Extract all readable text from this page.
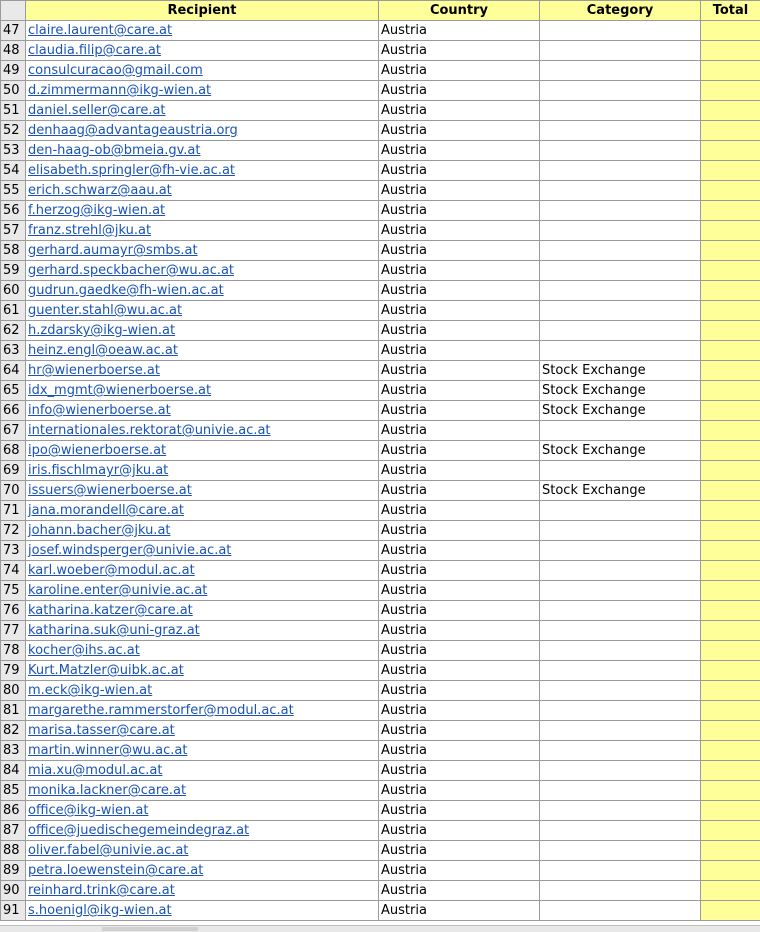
	Recipient	Country	Category	Total
47	claire.laurent@care.at	Austria		
48	claudia.filip@care.at	Austria		
49	consulcuracao@gmail.com	Austria		
50	d.zimmermann@ikg-wien.at	Austria		
51	daniel.seller@care.at	Austria		
52	denhaag@advantageaustria.org	Austria		
53	den-haag-ob@bmeia.gv.at	Austria		
54	elisabeth.springler@fh-vie.ac.at	Austria		
55	erich.schwarz@aau.at	Austria		
56	f.herzog@ikg-wien.at	Austria		
57	franz.strehl@jku.at	Austria		
58	gerhard.aumayr@smbs.at	Austria		
59	gerhard.speckbacher@wu.ac.at	Austria		
60	gudrun.gaedke@fh-wien.ac.at	Austria		
61	guenter.stahl@wu.ac.at	Austria		
62	h.zdarsky@ikg-wien.at	Austria		
63	heinz.engl@oeaw.ac.at	Austria		
64	hr@wienerboerse.at	Austria	Stock Exchange	
65	idx_mgmt@wienerboerse.at	Austria	Stock Exchange	
66	info@wienerboerse.at	Austria	Stock Exchange	
67	internationales.rektorat@univie.ac.at	Austria		
68	ipo@wienerboerse.at	Austria	Stock Exchange	
69	iris.fischlmayr@jku.at	Austria		
70	issuers@wienerboerse.at	Austria	Stock Exchange	
71	jana.morandell@care.at	Austria		
72	johann.bacher@jku.at	Austria		
73	josef.windsperger@univie.ac.at	Austria		
74	karl.woeber@modul.ac.at	Austria		
75	karoline.enter@univie.ac.at	Austria		
76	katharina.katzer@care.at	Austria		
77	katharina.suk@uni-graz.at	Austria		
78	kocher@ihs.ac.at	Austria		
79	Kurt.Matzler@uibk.ac.at	Austria		
80	m.eck@ikg-wien.at	Austria		
81	margarethe.rammerstorfer@modul.ac.at	Austria		
82	marisa.tasser@care.at	Austria		
83	martin.winner@wu.ac.at	Austria		
84	mia.xu@modul.ac.at	Austria		
85	monika.lackner@care.at	Austria		
86	office@ikg-wien.at	Austria		
87	office@juedischegemeindegraz.at	Austria		
88	oliver.fabel@univie.ac.at	Austria		
89	petra.loewenstein@care.at	Austria		
90	reinhard.trink@care.at	Austria		
91	s.hoenigl@ikg-wien.at	Austria		
